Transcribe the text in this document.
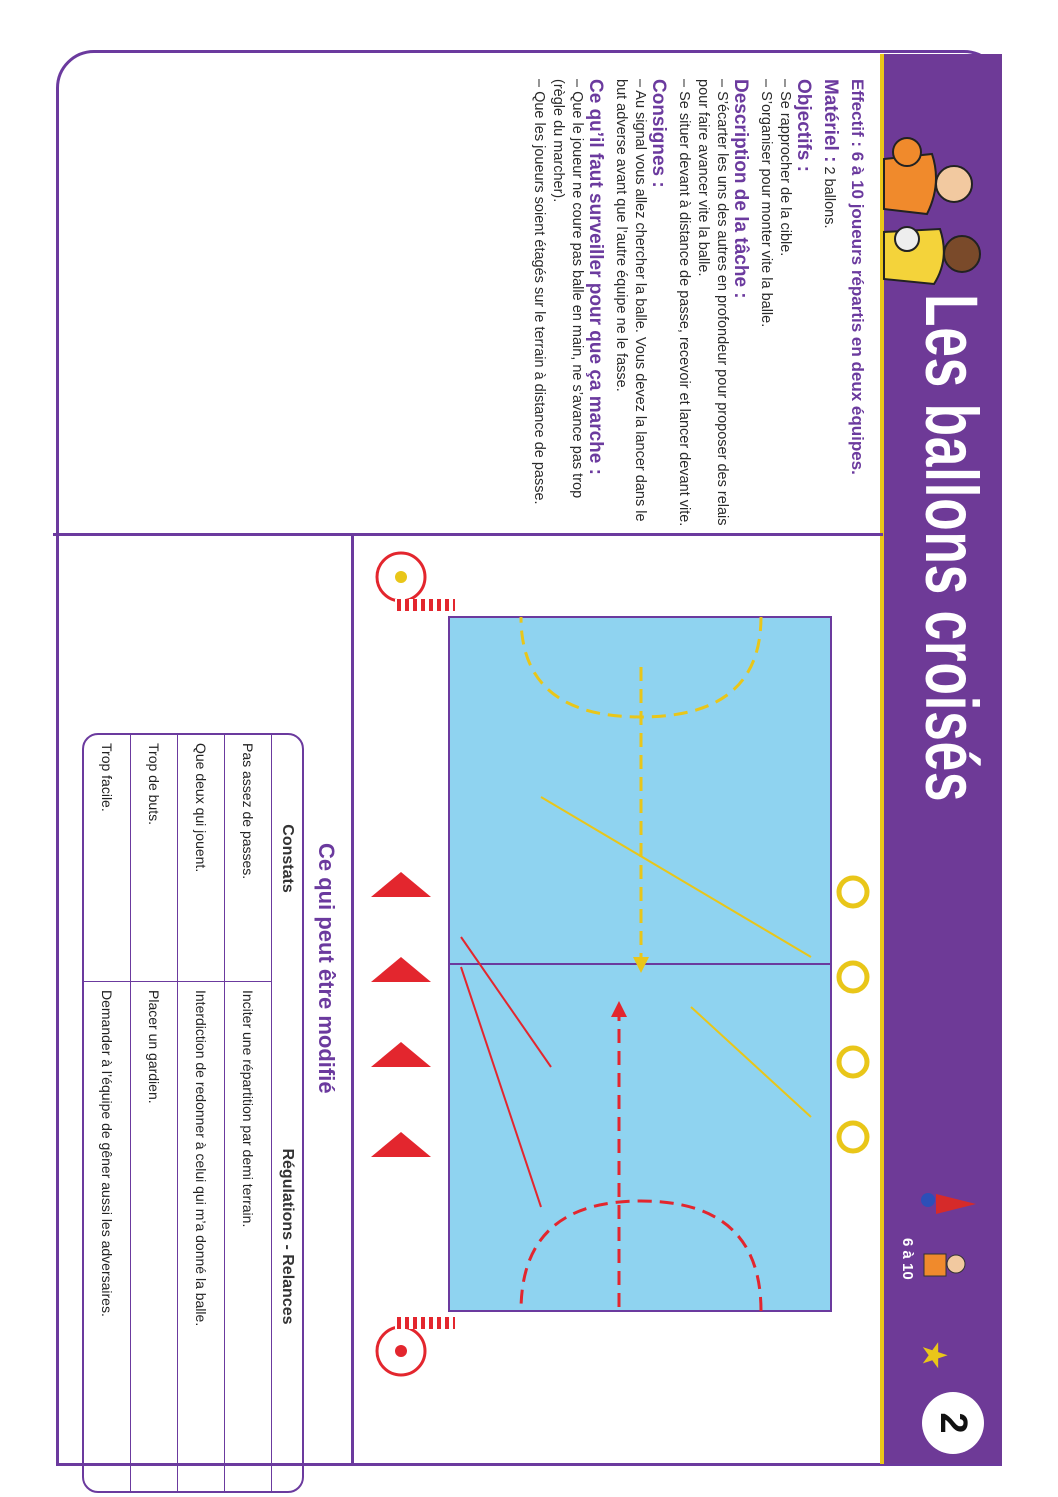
Les ballons croisés
6 à 10
★
2
Effectif : 6 à 10 joueurs répartis en deux équipes.
Matériel : 2 ballons.
Objectifs :
– Se rapprocher de la cible.
– S’organiser pour monter vite la balle.
Description de la tâche :
– S’écarter les uns des autres en profondeur pour proposer des relais pour faire avancer vite la balle.
– Se situer devant à distance de passe, recevoir et lancer devant vite.
Consignes :
– Au signal vous allez chercher la balle. Vous devez la lancer dans le but adverse avant que l’autre équipe ne le fasse.
Ce qu’il faut surveiller pour que ça marche :
– Que le joueur ne coure pas balle en main, ne s’avance pas trop (règle du marcher).
– Que les joueurs soient étagés sur le terrain à distance de passe.
Ce qui peut être modifié
Constats	Régulations - Relances
Pas assez de passes.	Inciter une répartition par demi terrain.
Que deux qui jouent.	Interdiction de redonner à celui qui m’a donné la balle.
Trop de buts.	Placer un gardien.
Trop facile.	Demander à l’équipe de gêner aussi les adversaires.
